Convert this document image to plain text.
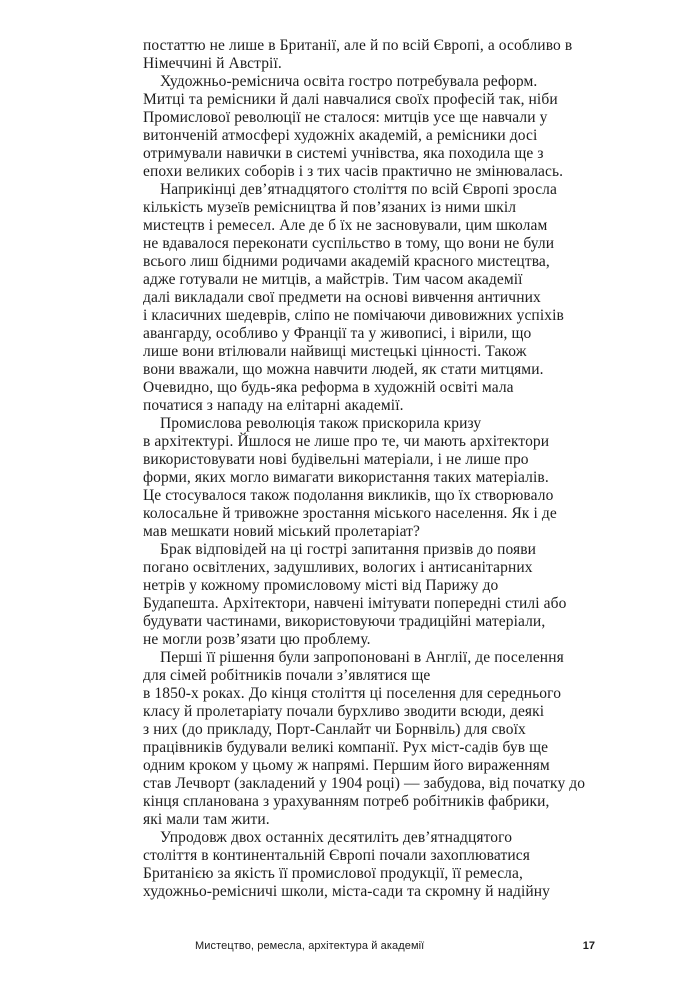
постаттю не лише в Британії, але й по всій Європі, а особливо в
Німеччині й Австрії.
Художньо-реміснича освіта гостро потребувала реформ.
Митці та ремісники й далі навчалися своїх професій так, ніби
Промислової революції не сталося: митців усе ще навчали у
витонченій атмосфері художніх академій, а ремісники досі
отримували навички в системі учнівства, яка походила ще з
епохи великих соборів і з тих часів практично не змінювалась.
Наприкінці дев’ятнадцятого століття по всій Європі зросла
кількість музеїв ремісництва й пов’язаних із ними шкіл
мистецтв і ремесел. Але де б їх не засновували, цим школам
не вдавалося переконати суспільство в тому, що вони не були
всього лиш бідними родичами академій красного мистецтва,
адже готували не митців, а майстрів. Тим часом академії
далі викладали свої предмети на основі вивчення античних
і класичних шедеврів, сліпо не помічаючи дивовижних успіхів
авангарду, особливо у Франції та у живописі, і вірили, що
лише вони втілювали найвищі мистецькі цінності. Також
вони вважали, що можна навчити людей, як стати митцями.
Очевидно, що будь-яка реформа в художній освіті мала
початися з нападу на елітарні академії.
Промислова революція також прискорила кризу
в архітектурі. Йшлося не лише про те, чи мають архітектори
використовувати нові будівельні матеріали, і не лише про
форми, яких могло вимагати використання таких матеріалів.
Це стосувалося також подолання викликів, що їх створювало
колосальне й тривожне зростання міського населення. Як і де
мав мешкати новий міський пролетаріат?
Брак відповідей на ці гострі запитання призвів до появи
погано освітлених, задушливих, вологих і антисанітарних
нетрів у кожному промисловому місті від Парижу до
Будапешта. Архітектори, навчені імітувати попередні стилі або
будувати частинами, використовуючи традиційні матеріали,
не могли розв’язати цю проблему.
Перші її рішення були запропоновані в Англії, де поселення
для сімей робітників почали з’являтися ще
в 1850-х роках. До кінця століття ці поселення для середнього
класу й пролетаріату почали бурхливо зводити всюди, деякі
з них (до прикладу, Порт-Санлайт чи Борнвіль) для своїх
працівників будували великі компанії. Рух міст-садів був ще
одним кроком у цьому ж напрямі. Першим його вираженням
став Лечворт (закладений у 1904 році) — забудова, від початку до
кінця спланована з урахуванням потреб робітників фабрики,
які мали там жити.
Упродовж двох останніх десятиліть дев’ятнадцятого
століття в континентальній Європі почали захоплюватися
Британією за якість її промислової продукції, її ремесла,
художньо-ремісничі школи, міста-сади та скромну й надійну
Мистецтво, ремесла, архітектура й академії	17
